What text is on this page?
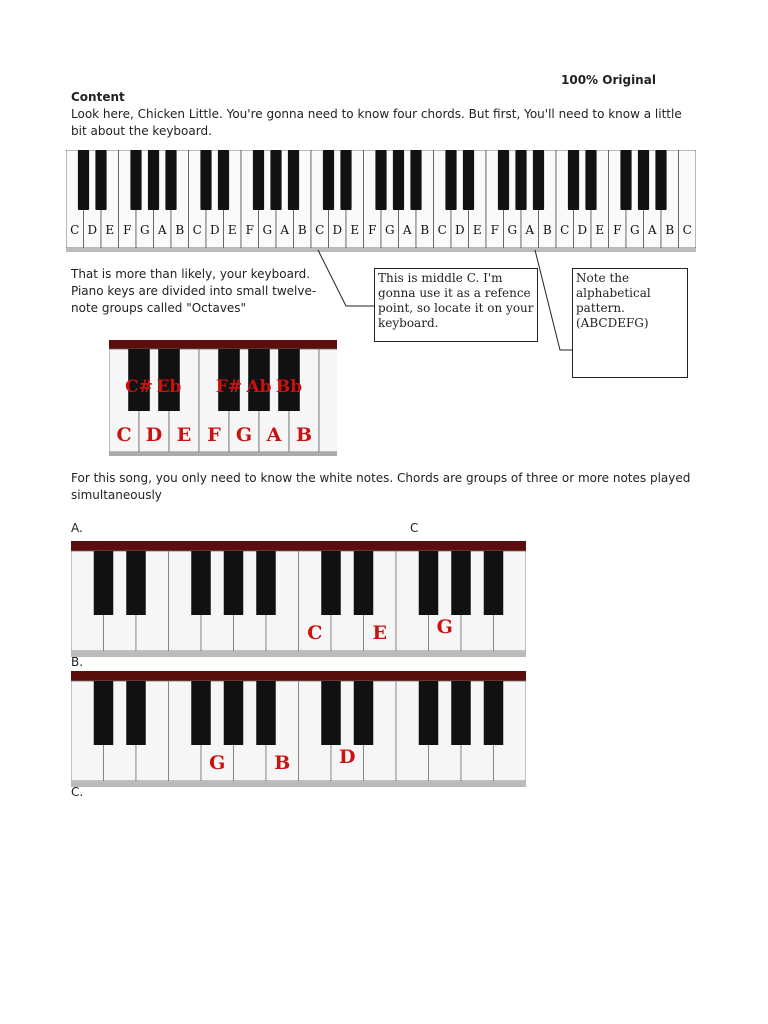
100% Original
Content
Look here, Chicken Little. You're gonna need to know four chords. But first, You'll need to know a little bit about the keyboard.
C D E F G A B C D E F G A B C D E F G A B C D E F G A B C D E F G A B C
That is more than likely, your keyboard. Piano keys are divided into small twelve-note groups called "Octaves"
This is middle C. I'm gonna use it as a refence point, so locate it on your keyboard.
Note the alphabetical pattern. (ABCDEFG)
C# Eb F# Ab Bb
C D E F G A B
For this song, you only need to know the white notes. Chords are groups of three or more notes played simultaneously
A.	C
C	E	G
B.
G	B	D
C.
